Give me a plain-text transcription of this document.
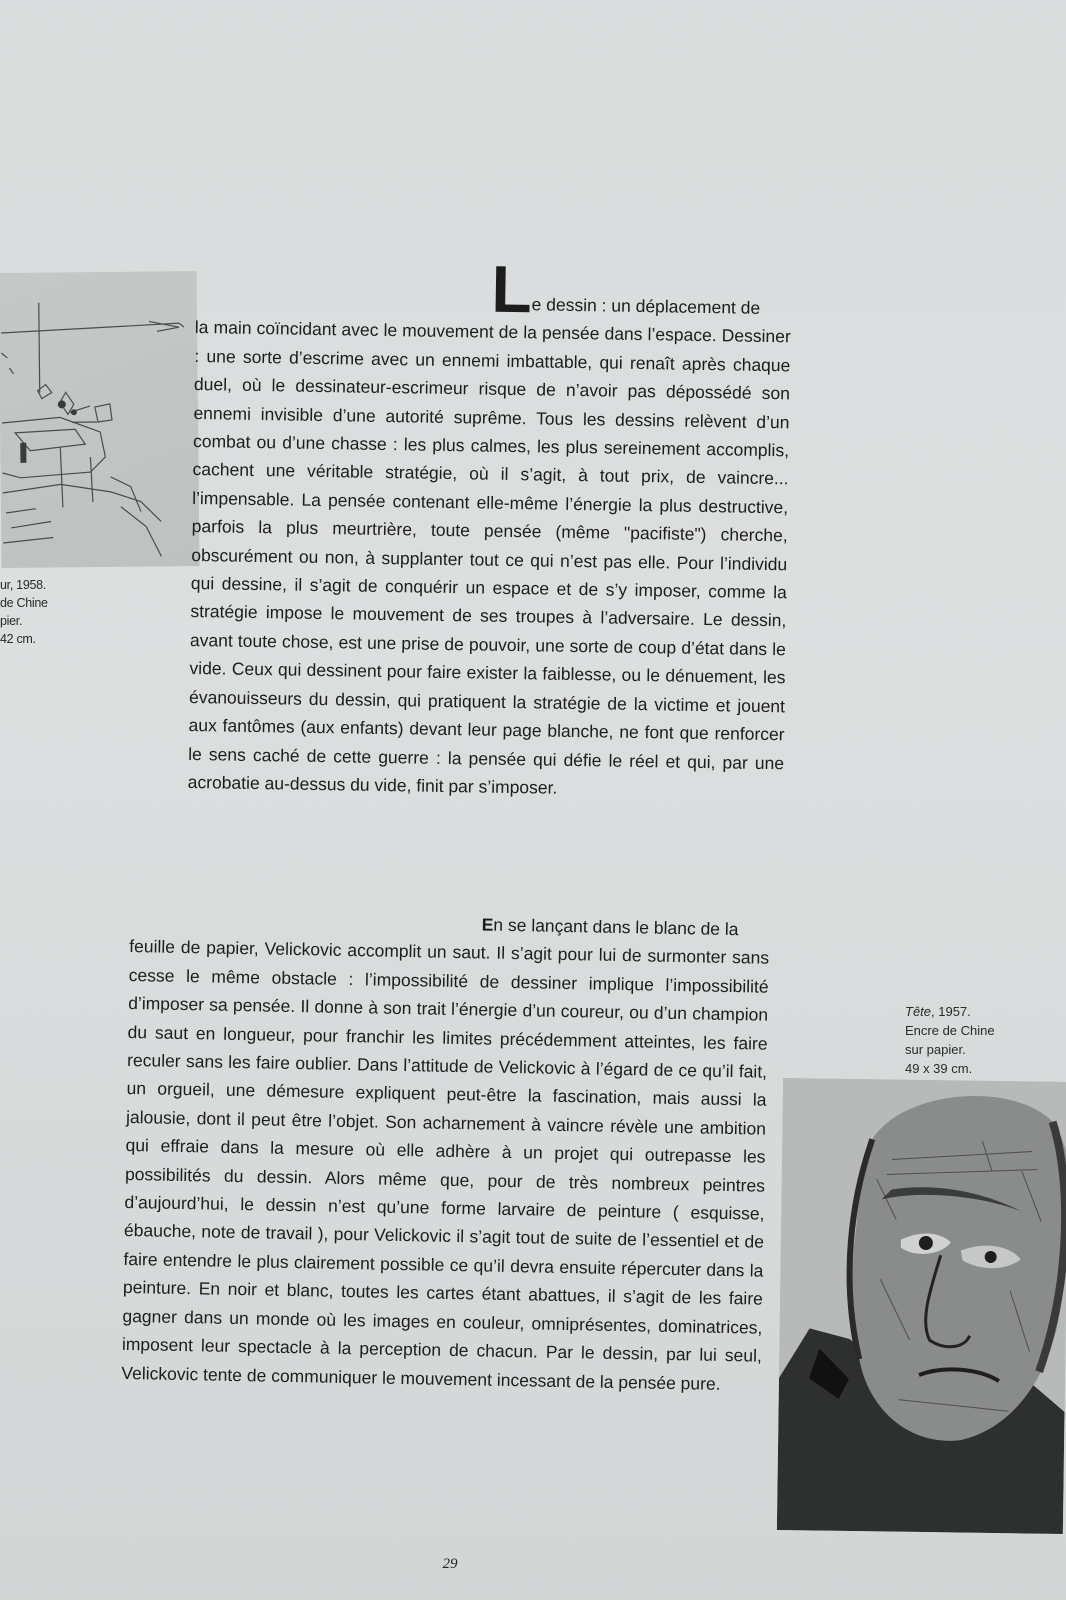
ur, 1958.
de Chine
pier.
42 cm.

Le dessin : un déplacement de

la main coïncidant avec le mouvement de la pensée dans l’espace. Dessiner : une sorte d’escrime avec un ennemi imbattable, qui renaît après chaque duel, où le dessinateur-escrimeur risque de n’avoir pas dépossédé son ennemi invisible d’une autorité suprême. Tous les dessins relèvent d’un combat ou d’une chasse : les plus calmes, les plus sereinement accomplis, cachent une véritable stratégie, où il s’agit, à tout prix, de vaincre... l’impensable. La pensée contenant elle-même l’énergie la plus destructive, parfois la plus meurtrière, toute pensée (même "pacifiste") cherche, obscurément ou non, à supplanter tout ce qui n’est pas elle. Pour l’individu qui dessine, il s’agit de conquérir un espace et de s’y imposer, comme la stratégie impose le mouvement de ses troupes à l’adversaire. Le dessin, avant toute chose, est une prise de pouvoir, une sorte de coup d’état dans le vide. Ceux qui dessinent pour faire exister la faiblesse, ou le dénuement, les évanouisseurs du dessin, qui pratiquent la stratégie de la victime et jouent aux fantômes (aux enfants) devant leur page blanche, ne font que renforcer le sens caché de cette guerre : la pensée qui défie le réel et qui, par une acrobatie au-dessus du vide, finit par s’imposer.

En se lançant dans le blanc de la

feuille de papier, Velickovic accomplit un saut. Il s’agit pour lui de surmonter sans cesse le même obstacle : l’impossibilité de dessiner implique l’impossibilité d’imposer sa pensée. Il donne à son trait l’énergie d’un coureur, ou d’un champion du saut en longueur, pour franchir les limites précédemment atteintes, les faire reculer sans les faire oublier. Dans l’attitude de Velickovic à l’égard de ce qu’il fait, un orgueil, une démesure expliquent peut-être la fascination, mais aussi la jalousie, dont il peut être l’objet. Son acharnement à vaincre révèle une ambition qui effraie dans la mesure où elle adhère à un projet qui outrepasse les possibilités du dessin. Alors même que, pour de très nombreux peintres d’aujourd’hui, le dessin n’est qu’une forme larvaire de peinture ( esquisse, ébauche, note de travail ), pour Velickovic il s’agit tout de suite de l’essentiel et de faire entendre le plus clairement possible ce qu’il devra ensuite répercuter dans la peinture. En noir et blanc, toutes les cartes étant abattues, il s’agit de les faire gagner dans un monde où les images en couleur, omniprésentes, dominatrices, imposent leur spectacle à la perception de chacun. Par le dessin, par lui seul, Velickovic tente de communiquer le mouvement incessant de la pensée pure.

Tête, 1957.
Encre de Chine
sur papier.
49 x 39 cm.
29
